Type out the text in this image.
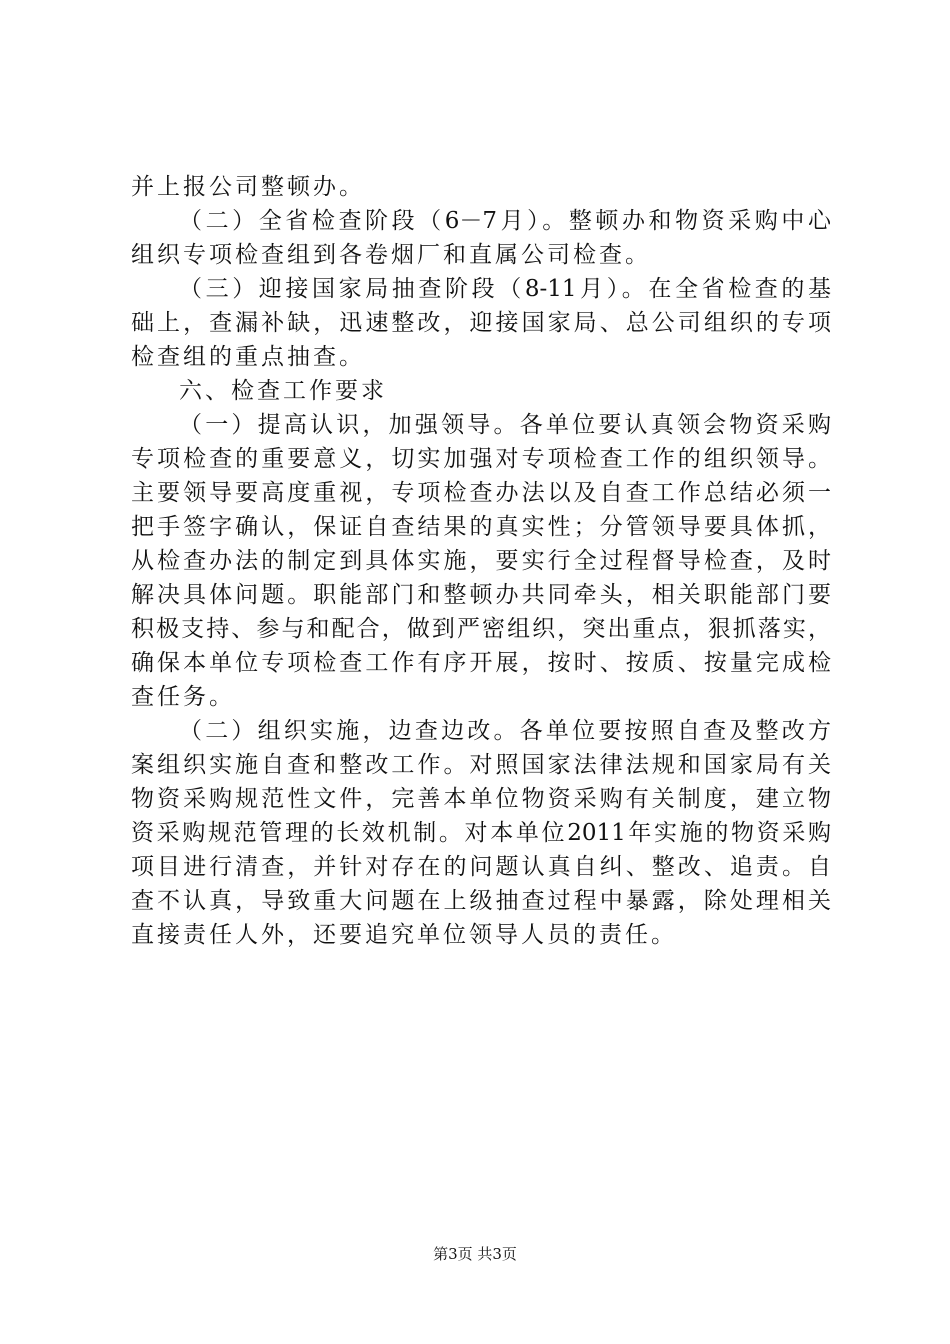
并上报公司整顿办。
（二）全省检查阶段（6－7月）。整顿办和物资采购中心
组织专项检查组到各卷烟厂和直属公司检查。
（三）迎接国家局抽查阶段（8-11月）。在全省检查的基
础上，查漏补缺，迅速整改，迎接国家局、总公司组织的专项
检查组的重点抽查。
六、检查工作要求
（一）提高认识，加强领导。各单位要认真领会物资采购
专项检查的重要意义，切实加强对专项检查工作的组织领导。
主要领导要高度重视，专项检查办法以及自查工作总结必须一
把手签字确认，保证自查结果的真实性；分管领导要具体抓，
从检查办法的制定到具体实施，要实行全过程督导检查，及时
解决具体问题。职能部门和整顿办共同牵头，相关职能部门要
积极支持、参与和配合，做到严密组织，突出重点，狠抓落实，
确保本单位专项检查工作有序开展，按时、按质、按量完成检
查任务。
（二）组织实施，边查边改。各单位要按照自查及整改方
案组织实施自查和整改工作。对照国家法律法规和国家局有关
物资采购规范性文件，完善本单位物资采购有关制度，建立物
资采购规范管理的长效机制。对本单位2011年实施的物资采购
项目进行清查，并针对存在的问题认真自纠、整改、追责。自
查不认真，导致重大问题在上级抽查过程中暴露，除处理相关
直接责任人外，还要追究单位领导人员的责任。
第3页 共3页
